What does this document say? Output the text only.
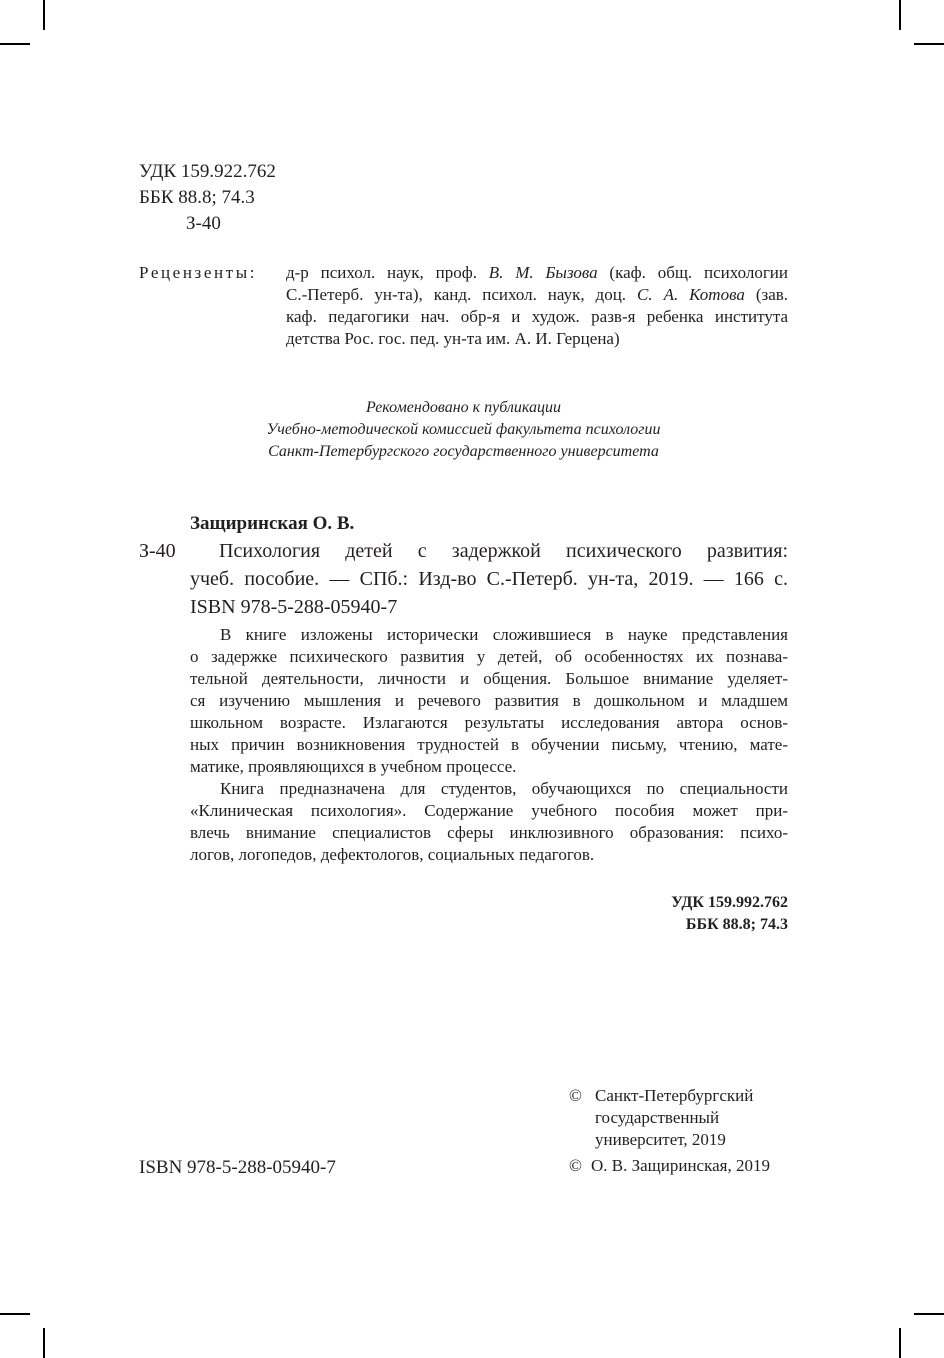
УДК 159.922.762
ББК 88.8; 74.3
З-40
Рецензенты: д-р психол. наук, проф. В. М. Бызова (каф. общ. психологии
С.-Петерб. ун-та), канд. психол. наук, доц. С. А. Котова (зав.
каф. педагогики нач. обр-я и худож. разв-я ребенка института
детства Рос. гос. пед. ун-та им. А. И. Герцена)
Рекомендовано к публикации
Учебно-методической комиссией факультета психологии
Санкт-Петербургского государственного университета
Защиринская О. В.
З-40 Психология детей с задержкой психического развития:
учеб. пособие. — СПб.: Изд-во С.-Петерб. ун-та, 2019. — 166 с.
ISBN 978-5-288-05940-7
В книге изложены исторически сложившиеся в науке представления
о задержке психического развития у детей, об особенностях их познава-
тельной деятельности, личности и общения. Большое внимание уделяет-
ся изучению мышления и речевого развития в дошкольном и младшем
школьном возрасте. Излагаются результаты исследования автора основ-
ных причин возникновения трудностей в обучении письму, чтению, мате-
матике, проявляющихся в учебном процессе.
Книга предназначена для студентов, обучающихся по специальности
«Клиническая психология». Содержание учебного пособия может при-
влечь внимание специалистов сферы инклюзивного образования: психо-
логов, логопедов, дефектологов, социальных педагогов.
УДК 159.992.762
ББК 88.8; 74.3
© Санкт-Петербургский
государственный
университет, 2019
ISBN 978-5-288-05940-7	© О. В. Защиринская, 2019
